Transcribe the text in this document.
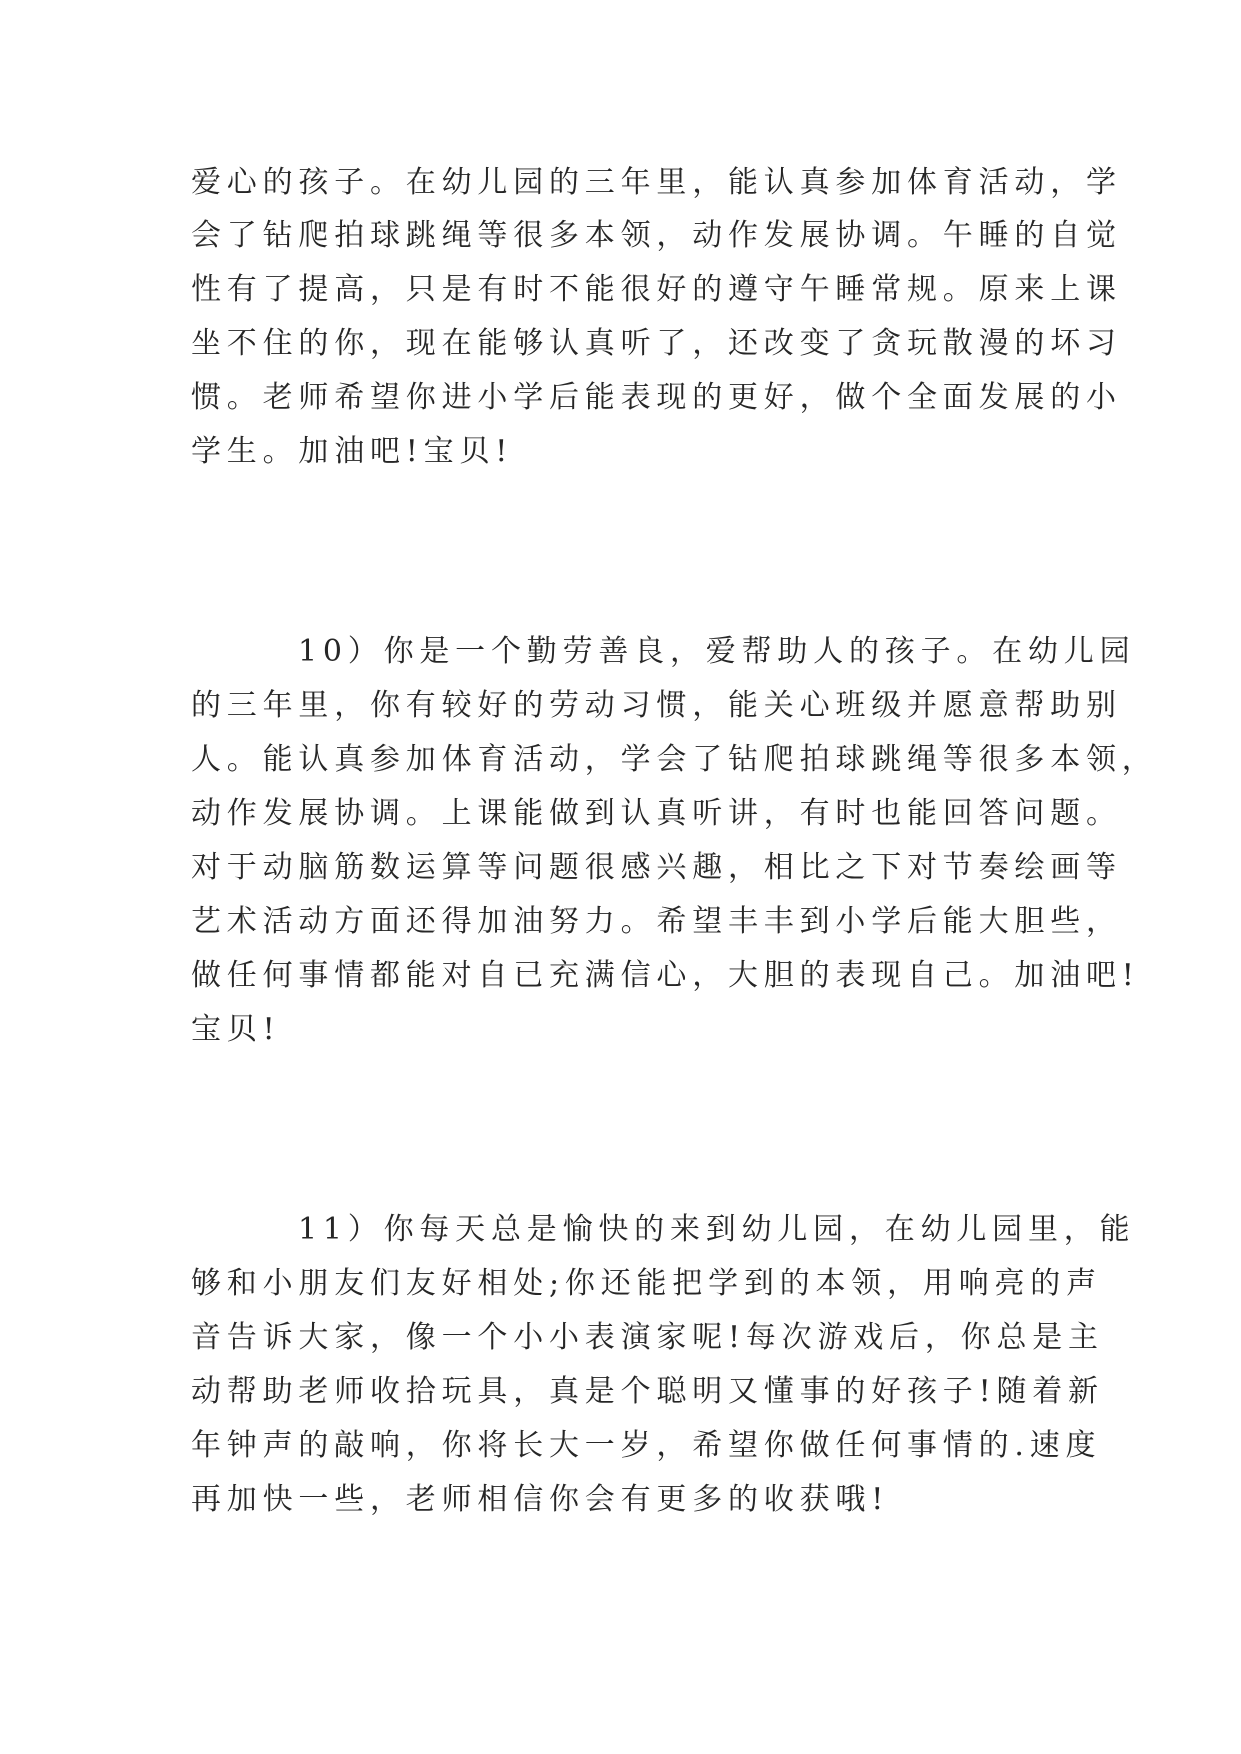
爱心的孩子。在幼儿园的三年里，能认真参加体育活动，学
会了钻爬拍球跳绳等很多本领，动作发展协调。午睡的自觉
性有了提高，只是有时不能很好的遵守午睡常规。原来上课
坐不住的你，现在能够认真听了，还改变了贪玩散漫的坏习
惯。老师希望你进小学后能表现的更好，做个全面发展的小
学生。加油吧!宝贝!
10）你是一个勤劳善良，爱帮助人的孩子。在幼儿园
的三年里，你有较好的劳动习惯，能关心班级并愿意帮助别
人。能认真参加体育活动，学会了钻爬拍球跳绳等很多本领，
动作发展协调。上课能做到认真听讲，有时也能回答问题。
对于动脑筋数运算等问题很感兴趣，相比之下对节奏绘画等
艺术活动方面还得加油努力。希望丰丰到小学后能大胆些，
做任何事情都能对自已充满信心，大胆的表现自己。加油吧!
宝贝!
11）你每天总是愉快的来到幼儿园，在幼儿园里，能
够和小朋友们友好相处;你还能把学到的本领，用响亮的声
音告诉大家，像一个小小表演家呢!每次游戏后，你总是主
动帮助老师收拾玩具，真是个聪明又懂事的好孩子!随着新
年钟声的敲响，你将长大一岁，希望你做任何事情的.速度
再加快一些，老师相信你会有更多的收获哦!
